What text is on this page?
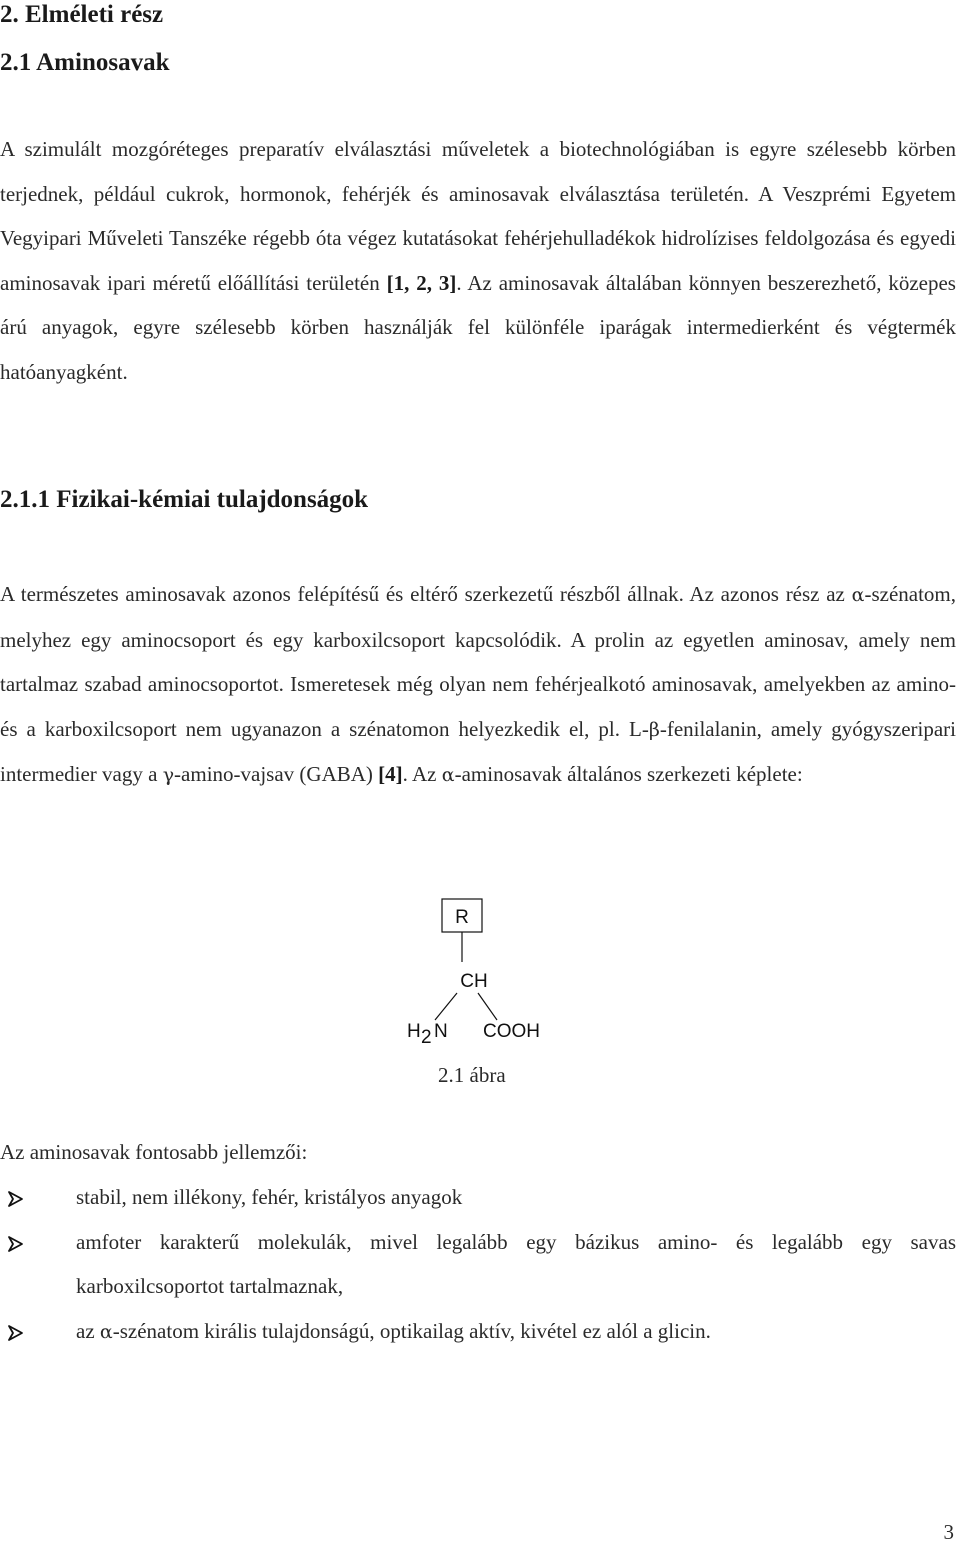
2. Elméleti rész
2.1 Aminosavak

A szimulált mozgóréteges preparatív elválasztási műveletek a biotechnológiában is egyre szélesebb körben terjednek, például cukrok, hormonok, fehérjék és aminosavak elválasztása területén. A Veszprémi Egyetem Vegyipari Műveleti Tanszéke régebb óta végez kutatásokat fehérjehulladékok hidrolízises feldolgozása és egyedi aminosavak ipari méretű előállítási területén [1, 2, 3]. Az aminosavak általában könnyen beszerezhető, közepes árú anyagok, egyre szélesebb körben használják fel különféle iparágak intermedierként és végtermék hatóanyagként.

2.1.1 Fizikai-kémiai tulajdonságok

A természetes aminosavak azonos felépítésű és eltérő szerkezetű részből állnak. Az azonos rész az α-szénatom, melyhez egy aminocsoport és egy karboxilcsoport kapcsolódik. A prolin az egyetlen aminosav, amely nem tartalmaz szabad aminocsoportot. Ismeretesek még olyan nem fehérjealkotó aminosavak, amelyekben az amino- és a karboxilcsoport nem ugyanazon a szénatomon helyezkedik el, pl. L-β-fenilalanin, amely gyógyszeripari intermedier vagy a γ-amino-vajsav (GABA) [4]. Az α-aminosavak általános szerkezeti képlete:

R
CH
H 2 N COOH
2.1 ábra
Az aminosavak fontosabb jellemzői:
stabil, nem illékony, fehér, kristályos anyagok
amfoter karakterű molekulák, mivel legalább egy bázikus amino- és legalább egy savas karboxilcsoportot tartalmaznak,
az α-szénatom királis tulajdonságú, optikailag aktív, kivétel ez alól a glicin.
3
